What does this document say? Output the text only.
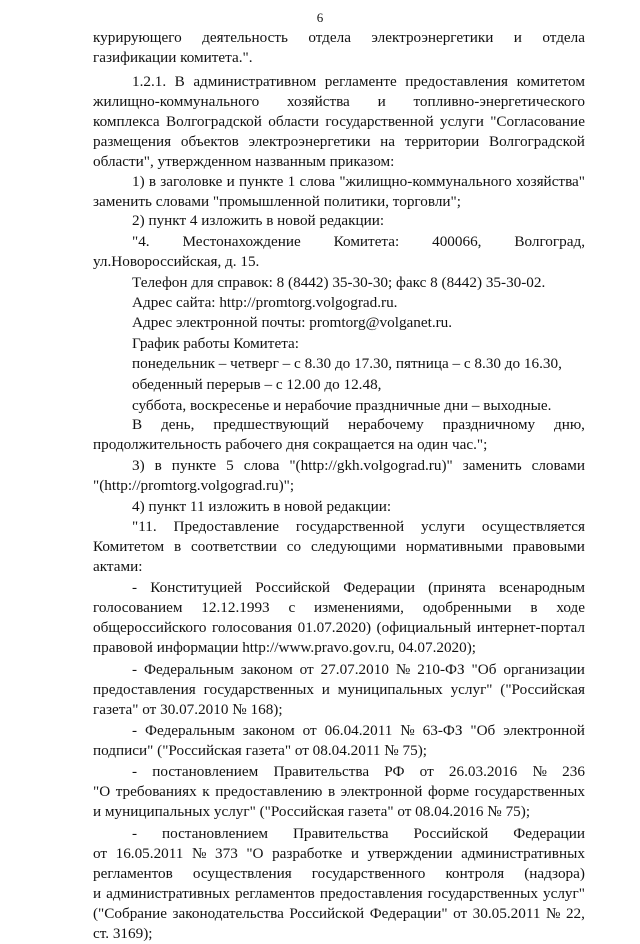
6
курирующего деятельность отдела электроэнергетики и отдела
газификации комитета.".
1.2.1. В административном регламенте предоставления комитетом
жилищно-коммунального хозяйства и топливно-энергетического
комплекса Волгоградской области государственной услуги "Согласование
размещения объектов электроэнергетики на территории Волгоградской
области", утвержденном названным приказом:
1) в заголовке и пункте 1 слова "жилищно-коммунального хозяйства"
заменить словами "промышленной политики, торговли";
2) пункт 4 изложить в новой редакции:
"4. Местонахождение Комитета: 400066, Волгоград,
ул.Новороссийская, д. 15.
Телефон для справок: 8 (8442) 35-30-30; факс 8 (8442) 35-30-02.
Адрес сайта: http://promtorg.volgograd.ru.
Адрес электронной почты: promtorg@volganet.ru.
График работы Комитета:
понедельник – четверг – с 8.30 до 17.30, пятница – с 8.30 до 16.30,
обеденный перерыв – с 12.00 до 12.48,
суббота, воскресенье и нерабочие праздничные дни – выходные.
В день, предшествующий нерабочему праздничному дню,
продолжительность рабочего дня сокращается на один час.";
3) в пункте 5 слова "(http://gkh.volgograd.ru)" заменить словами
"(http://promtorg.volgograd.ru)";
4) пункт 11 изложить в новой редакции:
"11. Предоставление государственной услуги осуществляется
Комитетом в соответствии со следующими нормативными правовыми
актами:
- Конституцией Российской Федерации (принята всенародным
голосованием 12.12.1993 с изменениями, одобренными в ходе
общероссийского голосования 01.07.2020) (официальный интернет-портал
правовой информации http://www.pravo.gov.ru, 04.07.2020);
- Федеральным законом от 27.07.2010 № 210-ФЗ "Об организации
предоставления государственных и муниципальных услуг" ("Российская
газета" от 30.07.2010 № 168);
- Федеральным законом от 06.04.2011 № 63-ФЗ "Об электронной
подписи" ("Российская газета" от 08.04.2011 № 75);
- постановлением Правительства РФ от 26.03.2016 № 236
"О требованиях к предоставлению в электронной форме государственных
и муниципальных услуг" ("Российская газета" от 08.04.2016 № 75);
- постановлением Правительства Российской Федерации
от 16.05.2011 № 373 "О разработке и утверждении административных
регламентов осуществления государственного контроля (надзора)
и административных регламентов предоставления государственных услуг"
("Собрание законодательства Российской Федерации" от 30.05.2011 № 22,
ст. 3169);
